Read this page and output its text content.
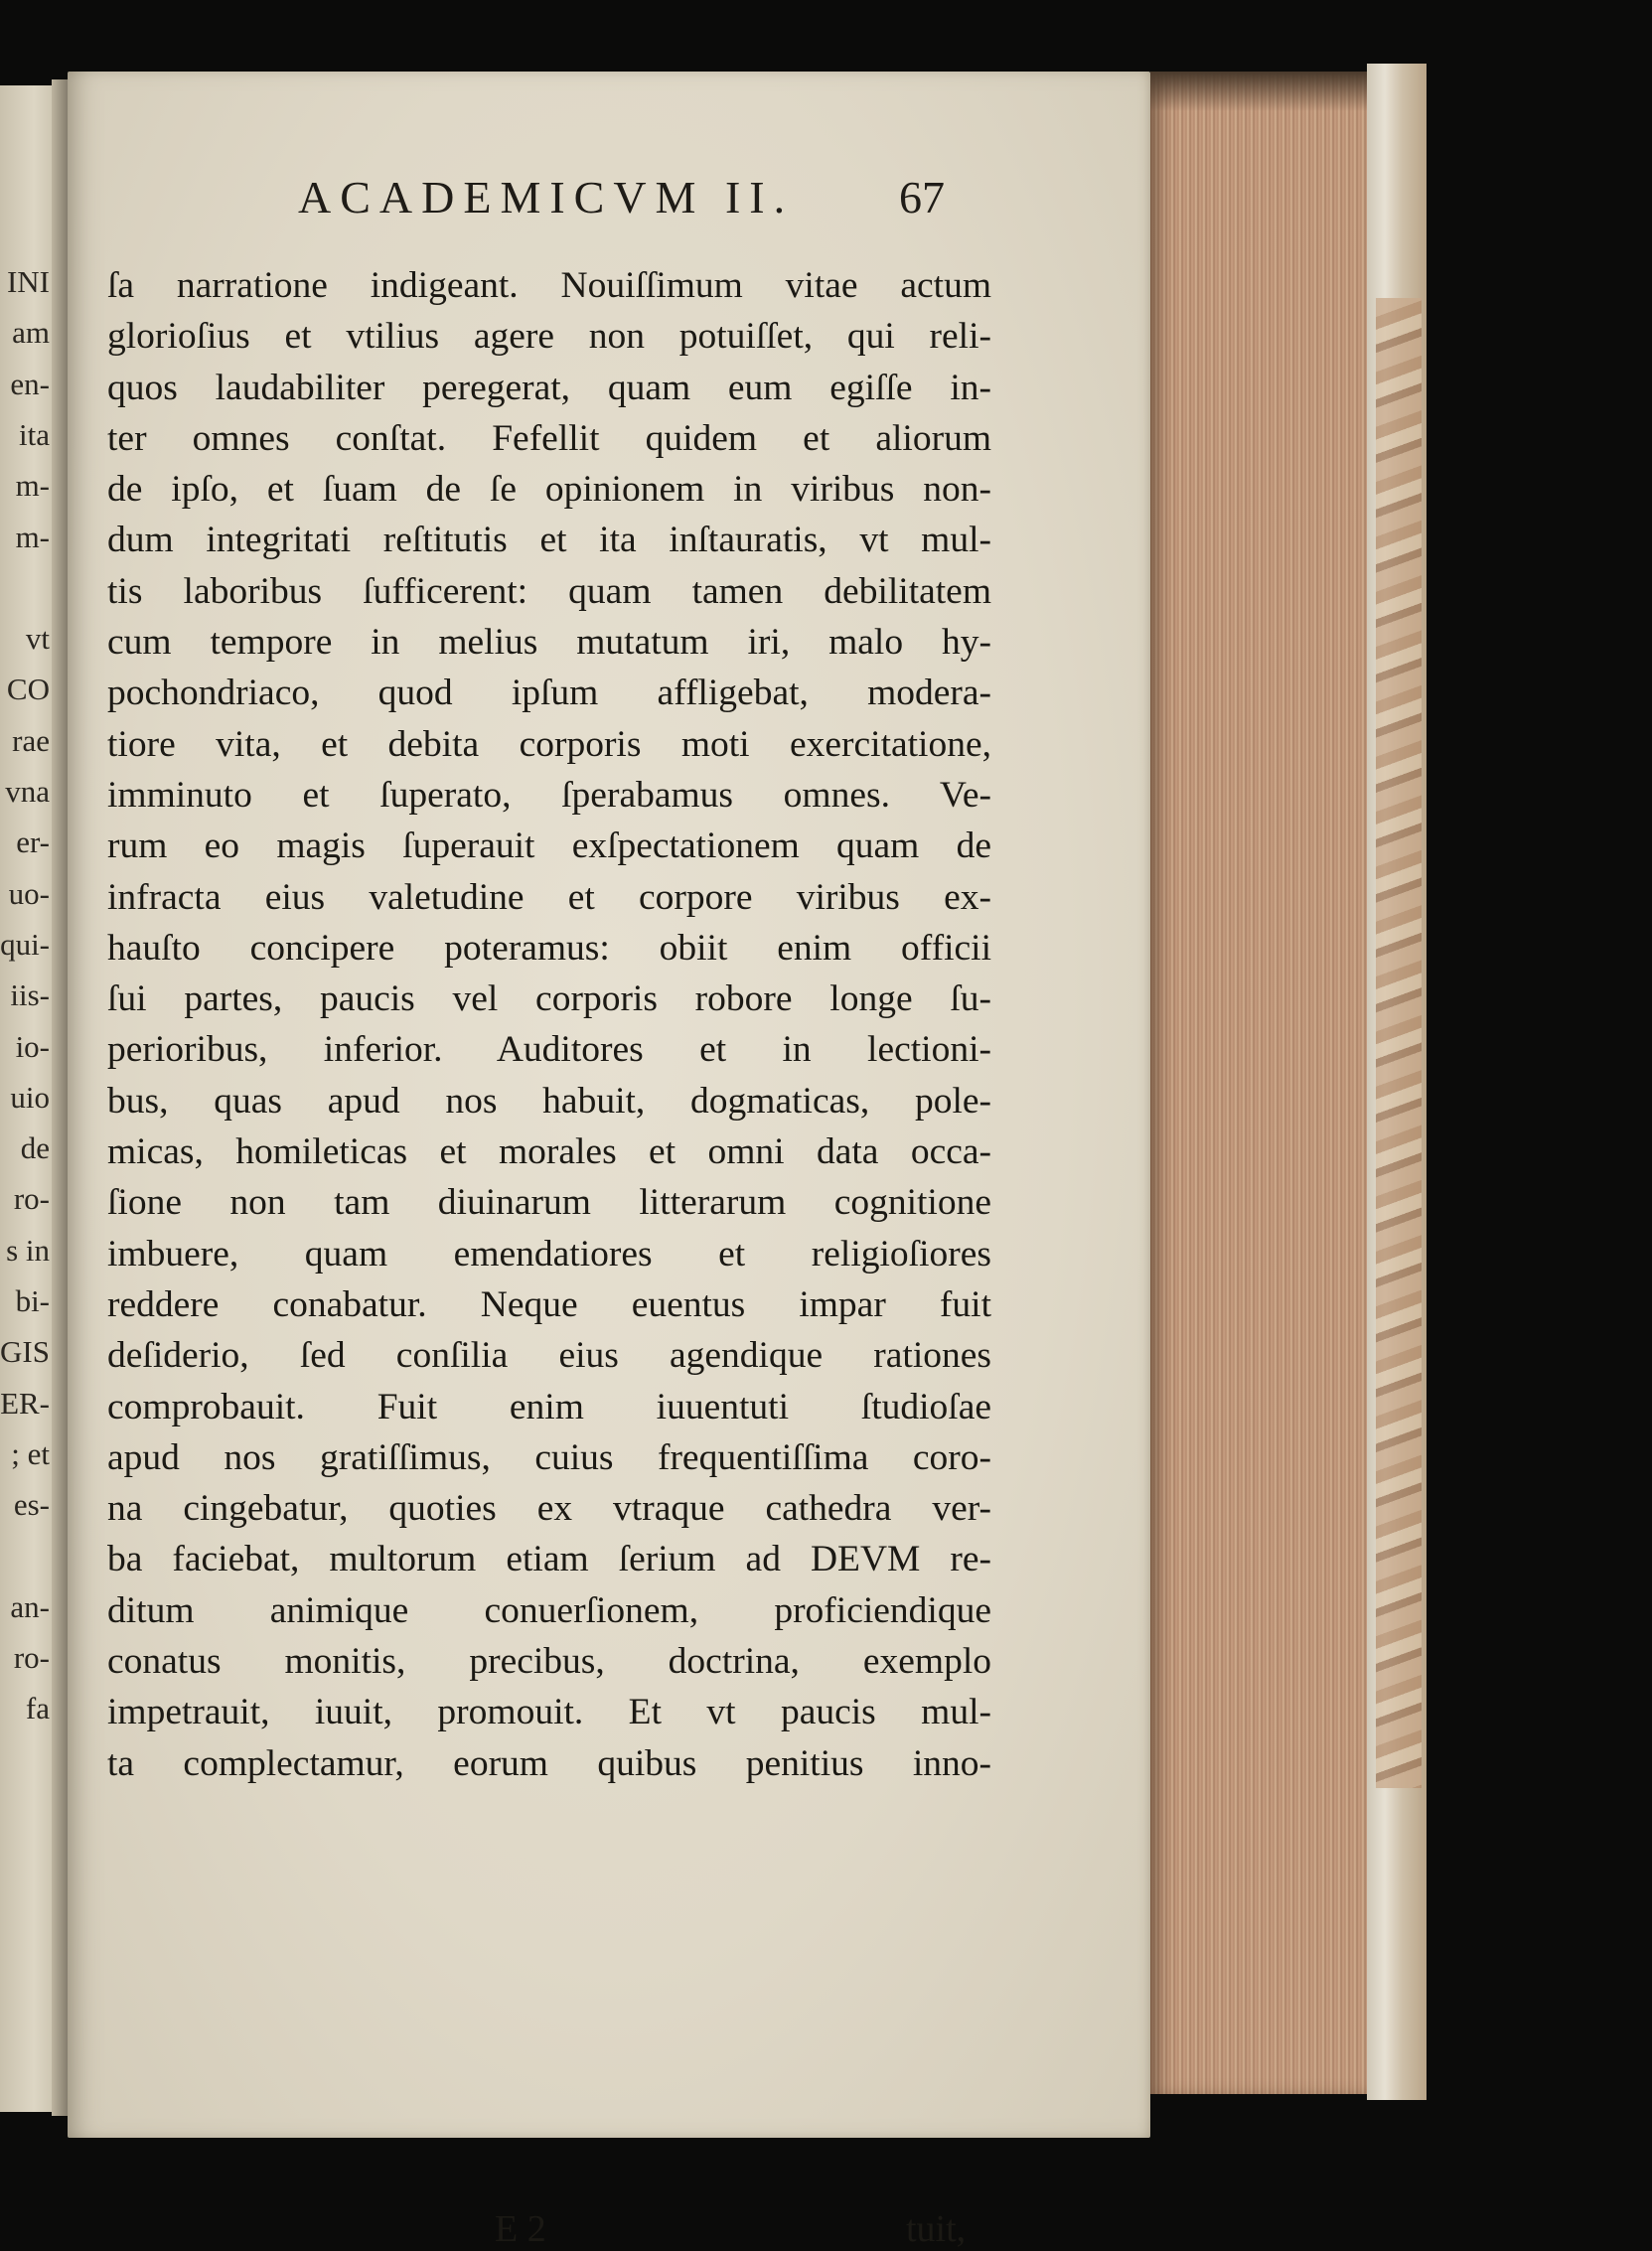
INI
am
en-
ita
m-
m-
vt
CO
rae
vna
er-
uo-
qui-
iis-
io-
uio
de
ro-
s in
bi-
GIS
ER-
; et
es-
an-
ro-
fa
ACADEMICVM II. 67
ſa narratione indigeant. Nouiſſimum vitae actum
glorioſius et vtilius agere non potuiſſet, qui reli-
quos laudabiliter peregerat, quam eum egiſſe in-
ter omnes conſtat. Fefellit quidem et aliorum
de ipſo, et ſuam de ſe opinionem in viribus non-
dum integritati reſtitutis et ita inſtauratis, vt mul-
tis laboribus ſufficerent: quam tamen debilitatem
cum tempore in melius mutatum iri, malo hy-
pochondriaco, quod ipſum affligebat, modera-
tiore vita, et debita corporis moti exercitatione,
imminuto et ſuperato, ſperabamus omnes. Ve-
rum eo magis ſuperauit exſpectationem quam de
infracta eius valetudine et corpore viribus ex-
hauſto concipere poteramus: obiit enim officii
ſui partes, paucis vel corporis robore longe ſu-
perioribus, inferior. Auditores et in lectioni-
bus, quas apud nos habuit, dogmaticas, pole-
micas, homileticas et morales et omni data occa-
ſione non tam diuinarum litterarum cognitione
imbuere, quam emendatiores et religioſiores
reddere conabatur. Neque euentus impar fuit
deſiderio, ſed conſilia eius agendique rationes
comprobauit. Fuit enim iuuentuti ſtudioſae
apud nos gratiſſimus, cuius frequentiſſima coro-
na cingebatur, quoties ex vtraque cathedra ver-
ba faciebat, multorum etiam ſerium ad DEVM re-
ditum animique conuerſionem, proficiendique
conatus monitis, precibus, doctrina, exemplo
impetrauit, iuuit, promouit. Et vt paucis mul-
ta complectamur, eorum quibus penitius inno-
E 2	tuit,
